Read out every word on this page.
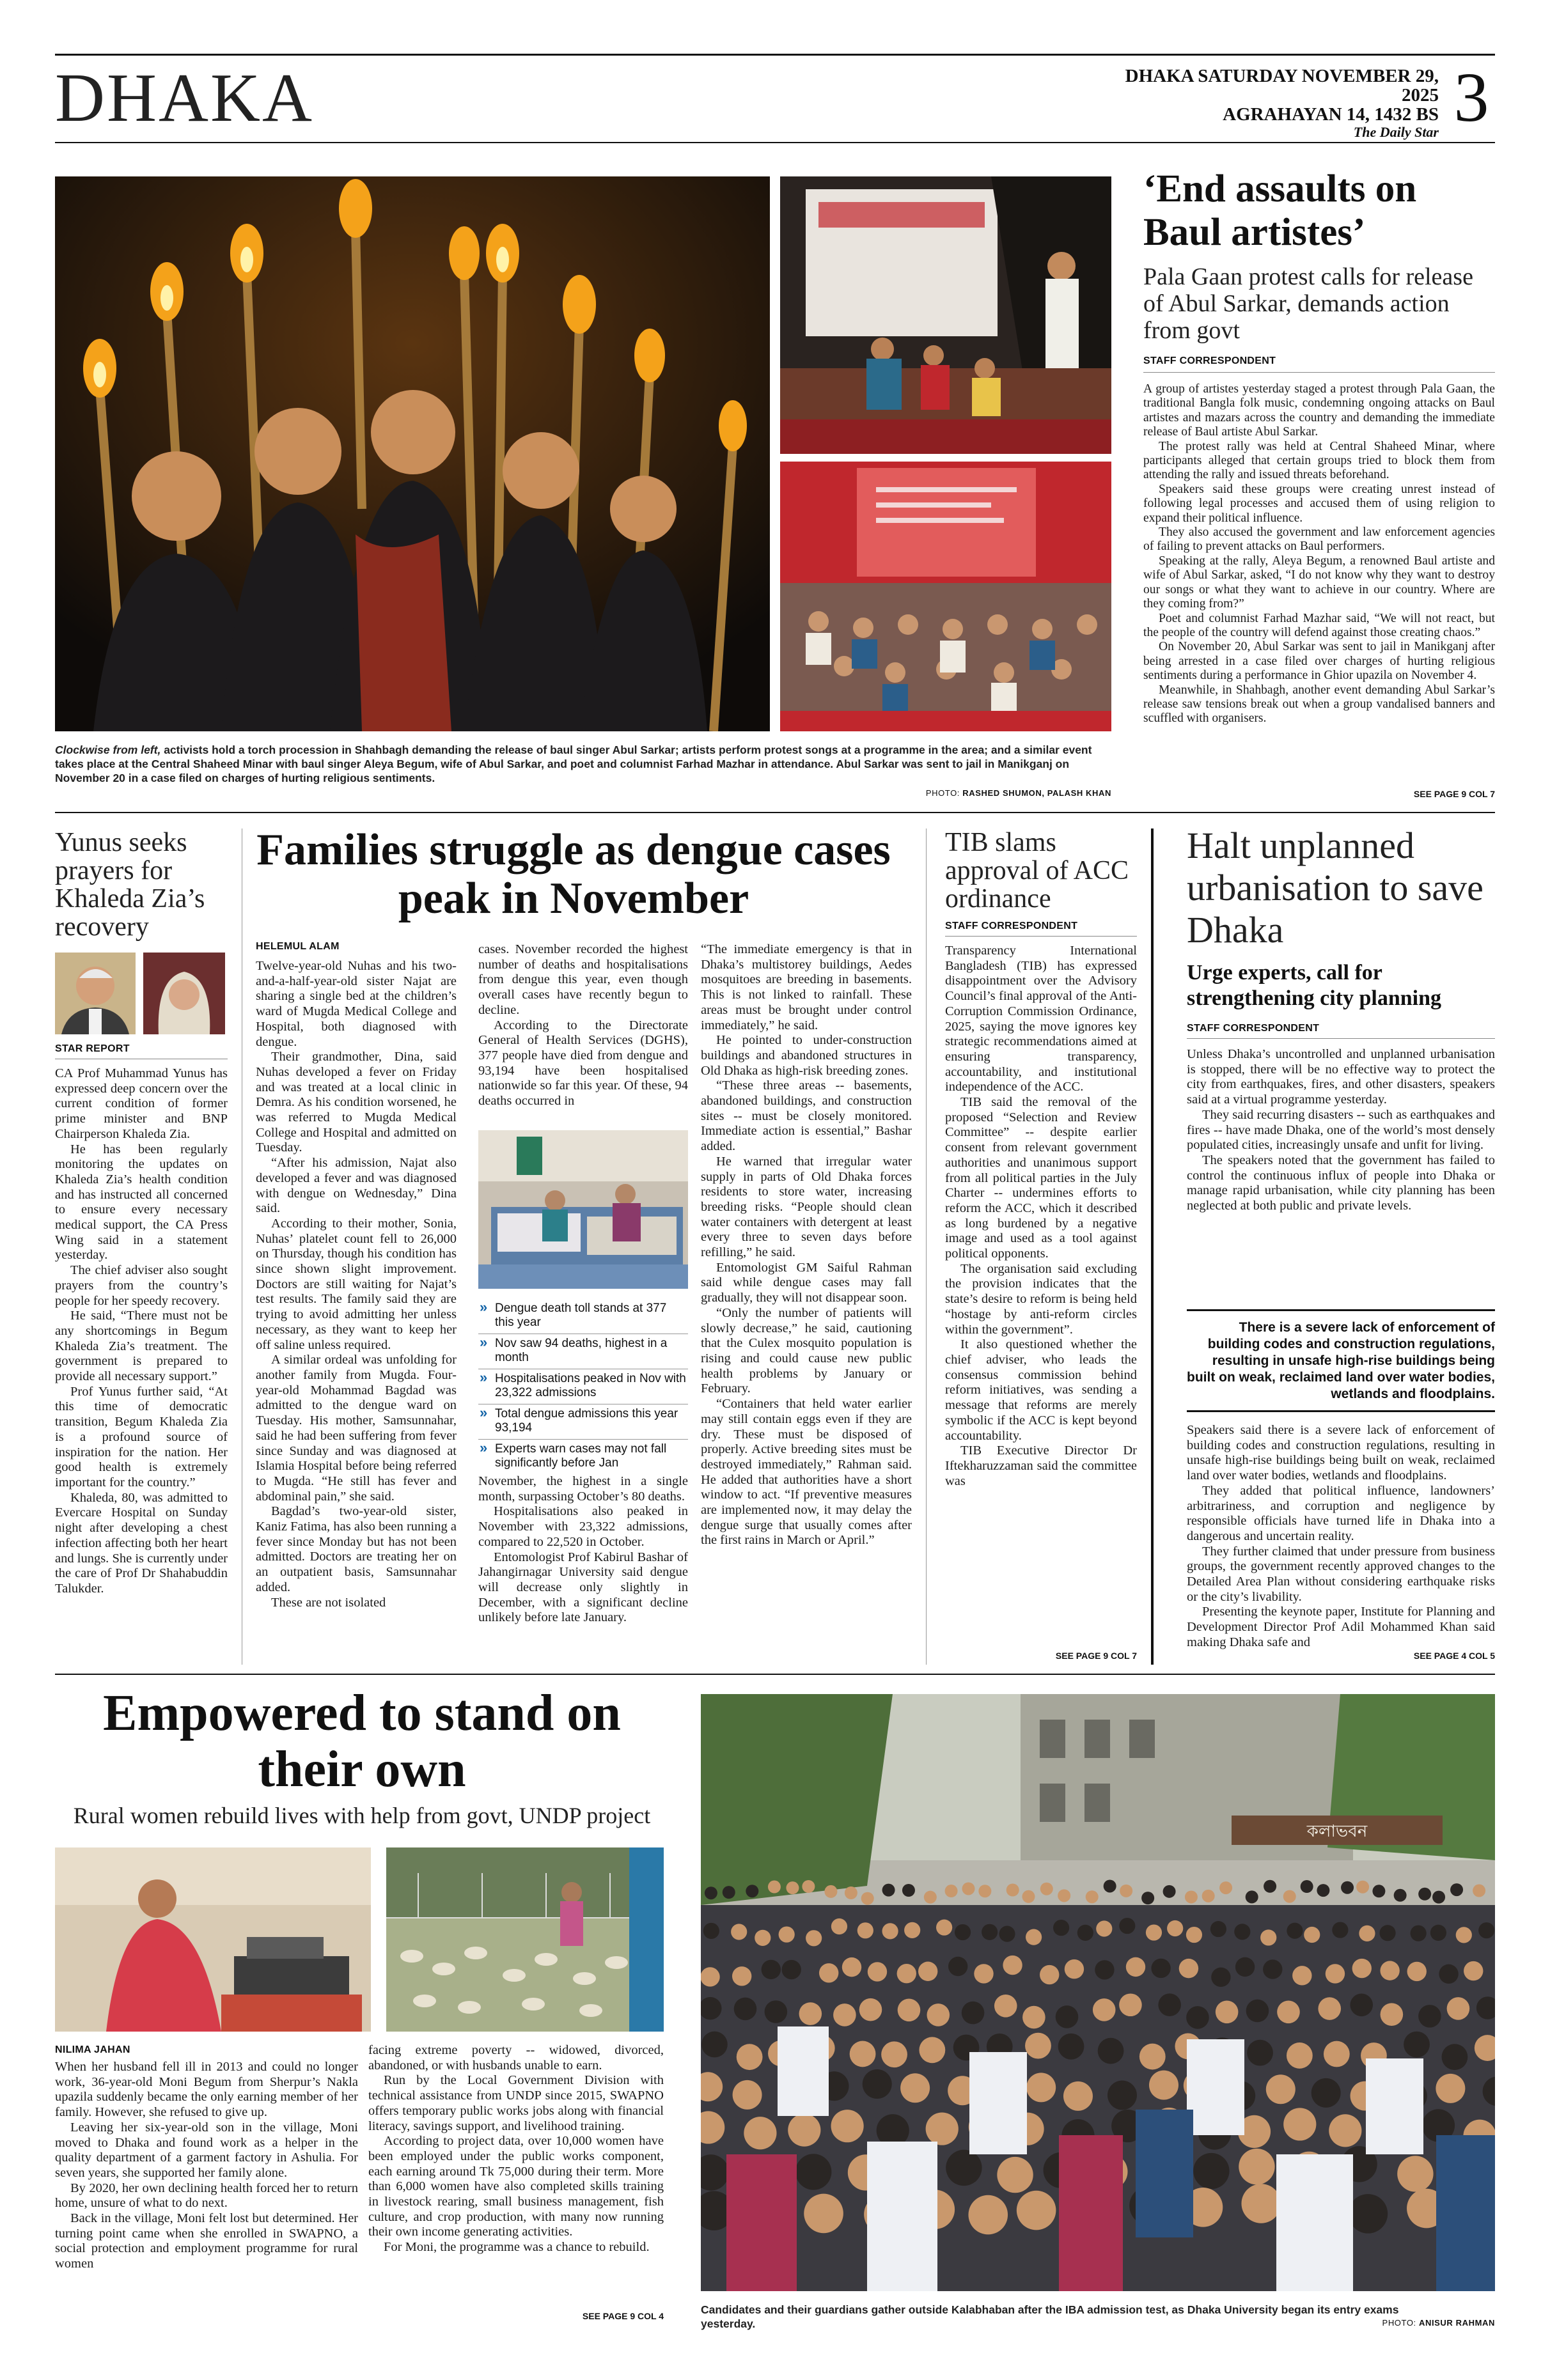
DHAKA	DHAKA SATURDAY NOVEMBER 29, 2025
AGRAHAYAN 14, 1432 BS
The Daily Star 3
Clockwise from left, activists hold a torch procession in Shahbagh demanding the release of baul singer Abul Sarkar; artists perform protest songs at a programme in the area; and a similar event takes place at the Central Shaheed Minar with baul singer Aleya Begum, wife of Abul Sarkar, and poet and columnist Farhad Mazhar in attendance. Abul Sarkar was sent to jail in Manikganj on November 20 in a case filed on charges of hurting religious sentiments.
PHOTO: RASHED SHUMON, PALASH KHAN
‘End assaults on Baul artistes’
Pala Gaan protest calls for release of Abul Sarkar, demands action from govt
STAFF CORRESPONDENT

A group of artistes yesterday staged a protest through Pala Gaan, the traditional Bangla folk music, condemning ongoing attacks on Baul artistes and mazars across the country and demanding the immediate release of Baul artiste Abul Sarkar.

The protest rally was held at Central Shaheed Minar, where participants alleged that certain groups tried to block them from attending the rally and issued threats beforehand.

Speakers said these groups were creating unrest instead of following legal processes and accused them of using religion to expand their political influence.

They also accused the government and law enforcement agencies of failing to prevent attacks on Baul performers.

Speaking at the rally, Aleya Begum, a renowned Baul artiste and wife of Abul Sarkar, asked, “I do not know why they want to destroy our songs or what they want to achieve in our country. Where are they coming from?”

Poet and columnist Farhad Mazhar said, “We will not react, but the people of the country will defend against those creating chaos.”

On November 20, Abul Sarkar was sent to jail in Manikganj after being arrested in a case filed over charges of hurting religious sentiments during a performance in Ghior upazila on November 4.

Meanwhile, in Shahbagh, another event demanding Abul Sarkar’s release saw tensions break out when a group vandalised banners and scuffled with organisers.

SEE PAGE 9 COL 7
Yunus seeks prayers for Khaleda Zia’s recovery
STAR REPORT

CA Prof Muhammad Yunus has expressed deep concern over the current condition of former prime minister and BNP Chairperson Khaleda Zia.

He has been regularly monitoring the updates on Khaleda Zia’s health condition and has instructed all concerned to ensure every necessary medical support, the CA Press Wing said in a statement yesterday.

The chief adviser also sought prayers from the country’s people for her speedy recovery.

He said, “There must not be any shortcomings in Begum Khaleda Zia’s treatment. The government is prepared to provide all necessary support.”

Prof Yunus further said, “At this time of democratic transition, Begum Khaleda Zia is a profound source of inspiration for the nation. Her good health is extremely important for the country.”

Khaleda, 80, was admitted to Evercare Hospital on Sunday night after developing a chest infection affecting both her heart and lungs. She is currently under the care of Prof Dr Shahabuddin Talukder.

Families struggle as dengue cases peak in November
HELEMUL ALAM

Twelve-year-old Nuhas and his two-and-a-half-year-old sister Najat are sharing a single bed at the children’s ward of Mugda Medical College and Hospital, both diagnosed with dengue.

Their grandmother, Dina, said Nuhas developed a fever on Friday and was treated at a local clinic in Demra. As his condition worsened, he was referred to Mugda Medical College and Hospital and admitted on Tuesday.

“After his admission, Najat also developed a fever and was diagnosed with dengue on Wednesday,” Dina said.

According to their mother, Sonia, Nuhas’ platelet count fell to 26,000 on Thursday, though his condition has since shown slight improvement. Doctors are still waiting for Najat’s test results. The family said they are trying to avoid admitting her unless necessary, as they want to keep her off saline unless required.

A similar ordeal was unfolding for another family from Mugda. Four-year-old Mohammad Bagdad was admitted to the dengue ward on Tuesday. His mother, Samsunnahar, said he had been suffering from fever since Sunday and was diagnosed at Islamia Hospital before being referred to Mugda. “He still has fever and abdominal pain,” she said.

Bagdad’s two-year-old sister, Kaniz Fatima, has also been running a fever since Monday but has not been admitted. Doctors are treating her on an outpatient basis, Samsunnahar added.

These are not isolated

cases. November recorded the highest number of deaths and hospitalisations from dengue this year, even though overall cases have recently begun to decline.

According to the Directorate General of Health Services (DGHS), 377 people have died from dengue and 93,194 have been hospitalised nationwide so far this year. Of these, 94 deaths occurred in

» Dengue death toll stands at 377 this year
» Nov saw 94 deaths, highest in a month
» Hospitalisations peaked in Nov with 23,322 admissions
» Total dengue admissions this year 93,194
» Experts warn cases may not fall significantly before Jan

November, the highest in a single month, surpassing October’s 80 deaths.

Hospitalisations also peaked in November with 23,322 admissions, compared to 22,520 in October.

Entomologist Prof Kabirul Bashar of Jahangirnagar University said dengue will decrease only slightly in December, with a significant decline unlikely before late January.

“The immediate emergency is that in Dhaka’s multistorey buildings, Aedes mosquitoes are breeding in basements. This is not linked to rainfall. These areas must be brought under control immediately,” he said.

He pointed to under-construction buildings and abandoned structures in Old Dhaka as high-risk breeding zones.

“These three areas -- basements, abandoned buildings, and construction sites -- must be closely monitored. Immediate action is essential,” Bashar added.

He warned that irregular water supply in parts of Old Dhaka forces residents to store water, increasing breeding risks. “People should clean water containers with detergent at least every three to seven days before refilling,” he said.

Entomologist GM Saiful Rahman said while dengue cases may fall gradually, they will not disappear soon.

“Only the number of patients will slowly decrease,” he said, cautioning that the Culex mosquito population is rising and could cause new public health problems by January or February.

“Containers that held water earlier may still contain eggs even if they are dry. These must be disposed of properly. Active breeding sites must be destroyed immediately,” Rahman said. He added that authorities have a short window to act. “If preventive measures are implemented now, it may delay the dengue surge that usually comes after the first rains in March or April.”

TIB slams approval of ACC ordinance
STAFF CORRESPONDENT

Transparency International Bangladesh (TIB) has expressed disappointment over the Advisory Council’s final approval of the Anti-Corruption Commission Ordinance, 2025, saying the move ignores key strategic recommendations aimed at ensuring transparency, accountability, and institutional independence of the ACC.

TIB said the removal of the proposed “Selection and Review Committee” -- despite earlier consent from relevant government authorities and unanimous support from all political parties in the July Charter -- undermines efforts to reform the ACC, which it described as long burdened by a negative image and used as a tool against political opponents.

The organisation said excluding the provision indicates that the state’s desire to reform is being held “hostage by anti-reform circles within the government”.

It also questioned whether the chief adviser, who leads the consensus commission behind reform initiatives, was sending a message that reforms are merely symbolic if the ACC is kept beyond accountability.

TIB Executive Director Dr Iftekharuzzaman said the committee was

SEE PAGE 9 COL 7
Halt unplanned urbanisation to save Dhaka
Urge experts, call for strengthening city planning
STAFF CORRESPONDENT

Unless Dhaka’s uncontrolled and unplanned urbanisation is stopped, there will be no effective way to protect the city from earthquakes, fires, and other disasters, speakers said at a virtual programme yesterday.

They said recurring disasters -- such as earthquakes and fires -- have made Dhaka, one of the world’s most densely populated cities, increasingly unsafe and unfit for living.

The speakers noted that the government has failed to control the continuous influx of people into Dhaka or manage rapid urbanisation, while city planning has been neglected at both public and private levels.

There is a severe lack of enforcement of building codes and construction regulations, resulting in unsafe high-rise buildings being built on weak, reclaimed land over water bodies, wetlands and floodplains.

Speakers said there is a severe lack of enforcement of building codes and construction regulations, resulting in unsafe high-rise buildings being built on weak, reclaimed land over water bodies, wetlands and floodplains.

They added that political influence, landowners’ arbitrariness, and corruption and negligence by responsible officials have turned life in Dhaka into a dangerous and uncertain reality.

They further claimed that under pressure from business groups, the government recently approved changes to the Detailed Area Plan without considering earthquake risks or the city’s livability.

Presenting the keynote paper, Institute for Planning and Development Director Prof Adil Mohammed Khan said making Dhaka safe and

SEE PAGE 4 COL 5
Empowered to stand on their own
Rural women rebuild lives with help from govt, UNDP project
NILIMA JAHAN

When her husband fell ill in 2013 and could no longer work, 36-year-old Moni Begum from Sherpur’s Nakla upazila suddenly became the only earning member of her family. However, she refused to give up.

Leaving her six-year-old son in the village, Moni moved to Dhaka and found work as a helper in the quality department of a garment factory in Ashulia. For seven years, she supported her family alone.

By 2020, her own declining health forced her to return home, unsure of what to do next.

Back in the village, Moni felt lost but determined. Her turning point came when she enrolled in SWAPNO, a social protection and employment programme for rural women

facing extreme poverty -- widowed, divorced, abandoned, or with husbands unable to earn.

Run by the Local Government Division with technical assistance from UNDP since 2015, SWAPNO offers temporary public works jobs along with financial literacy, savings support, and livelihood training.

According to project data, over 10,000 women have been employed under the public works component, each earning around Tk 75,000 during their term. More than 6,000 women have also completed skills training in livestock rearing, small business management, fish culture, and crop production, with many now running their own income generating activities.

For Moni, the programme was a chance to rebuild.

SEE PAGE 9 COL 4
কলাভবন
Candidates and their guardians gather outside Kalabhaban after the IBA admission test, as Dhaka University began its entry exams yesterday.	PHOTO: ANISUR RAHMAN
